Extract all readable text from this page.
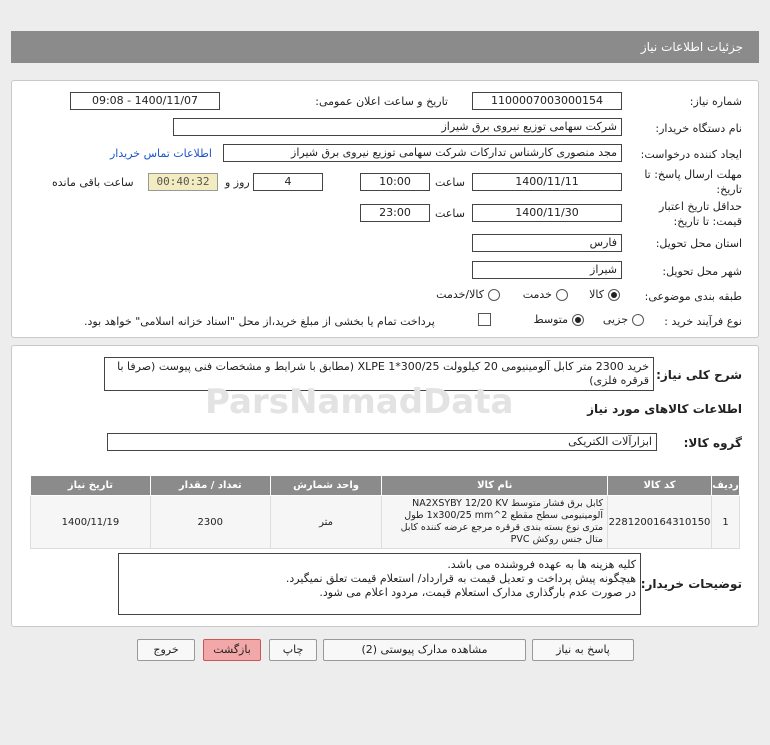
جزئیات اطلاعات نیاز
شماره نیاز:
1100007003000154
تاریخ و ساعت اعلان عمومی:
1400/11/07 - 09:08
نام دستگاه خریدار:
شرکت سهامی توزیع نیروی برق شیراز
ایجاد کننده درخواست:
مجد منصوری کارشناس تدارکات شرکت سهامی توزیع نیروی برق شیراز
اطلاعات تماس خریدار
مهلت ارسال پاسخ: تا تاریخ:
1400/11/11
ساعت
10:00
4
روز و
00:40:32
ساعت باقی مانده
حداقل تاریخ اعتبار قیمت: تا تاریخ:
1400/11/30
ساعت
23:00
استان محل تحویل:
فارس
شهر محل تحویل:
شیراز
طبقه بندی موضوعی:
کالا
خدمت
کالا/خدمت
نوع فرآیند خرید :
جزیی
متوسط
پرداخت تمام یا بخشی از مبلغ خرید،از محل "اسناد خزانه اسلامی" خواهد بود.
شرح کلی نیاز:
خرید 2300 متر کابل آلومینیومی 20 کیلوولت XLPE 1*300/25 (مطابق با شرایط و مشخصات فنی پیوست (صرفا با قرقره فلزی)
اطلاعات کالاهای مورد نیاز
ParsNamadData
گروه کالا:
ابزارآلات الکتریکی
ردیف	کد کالا	نام کالا	واحد شمارش	تعداد / مقدار	تاریخ نیاز
1	2281200164310150	کابل برق فشار متوسط NA2XSYBY 12/20 KV آلومینیومی سطح مقطع 2^1x300/25 mm طول متری نوع بسته بندی قرقره مرجع عرضه کننده کابل متال جنس روکش PVC	متر	2300	1400/11/19
توضیحات خریدار:
کلیه هزینه ها به عهده فروشنده می باشد.
هیچگونه پیش پرداخت و تعدیل قیمت به قرارداد/ استعلام قیمت تعلق نمیگیرد.
در صورت عدم بارگذاری مدارک استعلام قیمت، مردود اعلام می شود.
پاسخ به نیاز
مشاهده مدارک پیوستی (2)
چاپ
بازگشت
خروج
